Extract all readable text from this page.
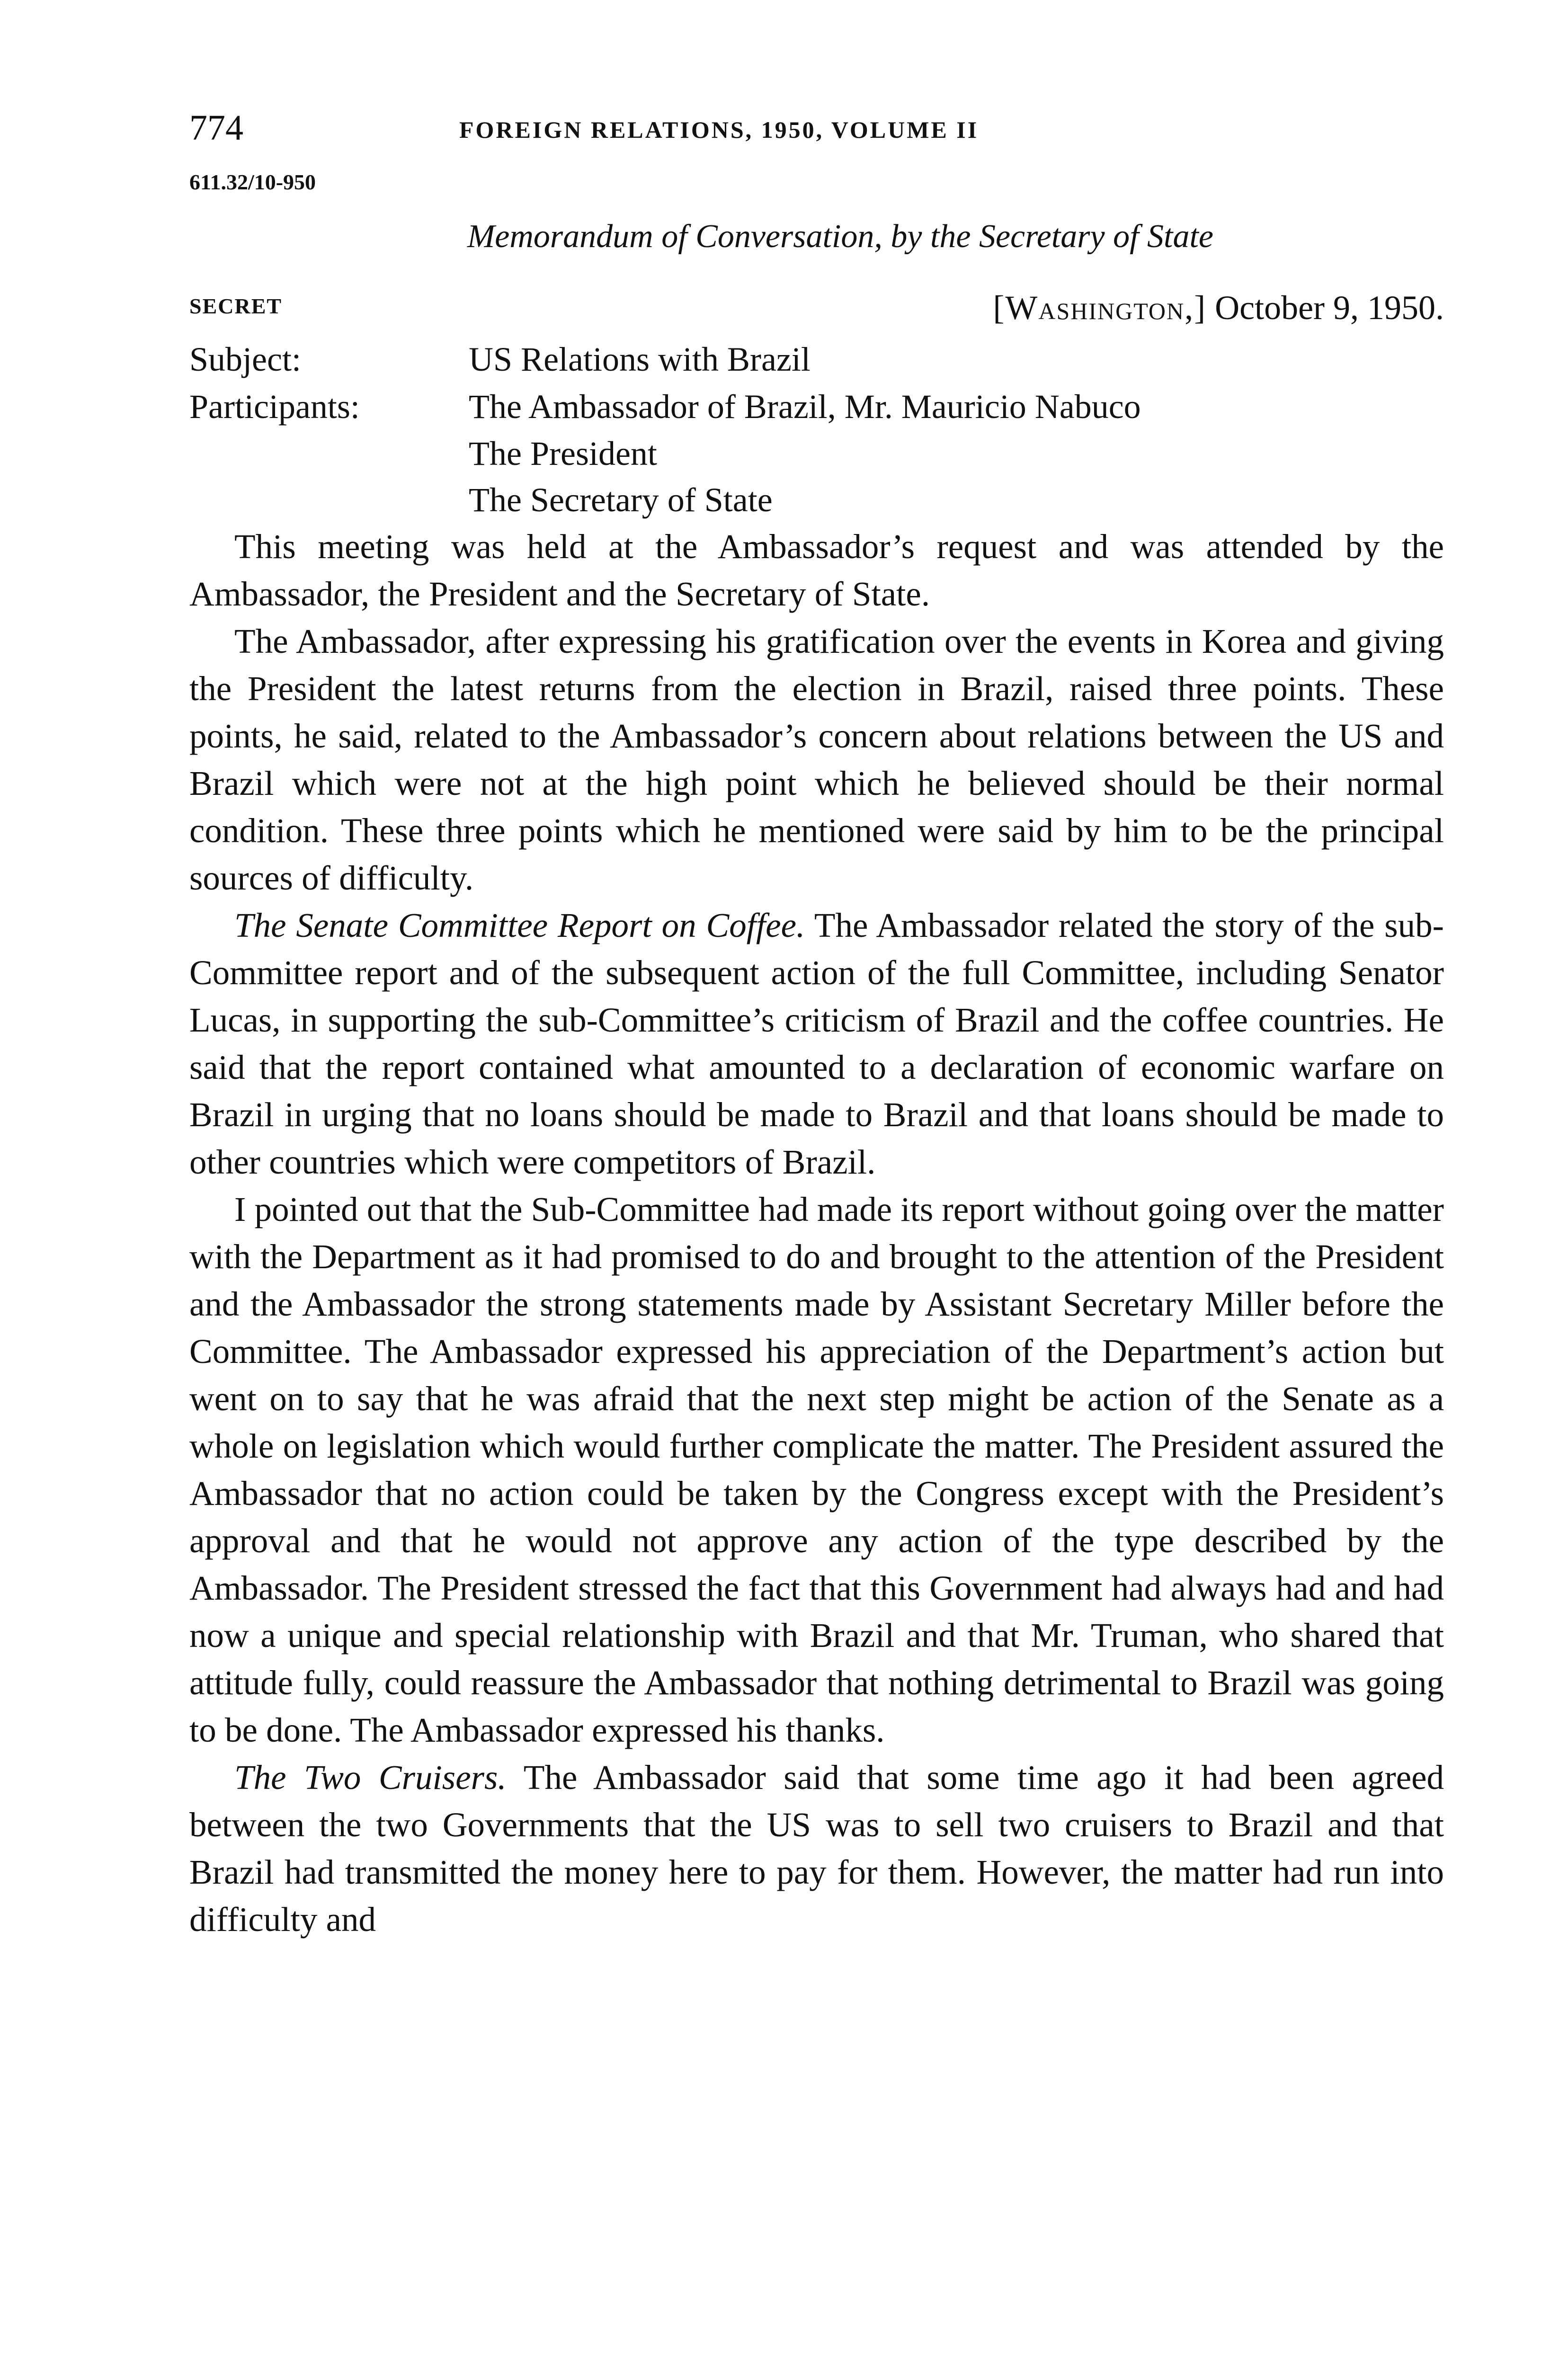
774	FOREIGN RELATIONS, 1950, VOLUME II
611.32/10-950
Memorandum of Conversation, by the Secretary of State
SECRET	[Washington,] October 9, 1950.
Subject:	US Relations with Brazil
Participants:	The Ambassador of Brazil, Mr. Mauricio Nabuco
The President
The Secretary of State

This meeting was held at the Ambassador’s request and was attended by the Ambassador, the President and the Secretary of State.

The Ambassador, after expressing his gratification over the events in Korea and giving the President the latest returns from the election in Brazil, raised three points. These points, he said, related to the Ambassador’s concern about relations between the US and Brazil which were not at the high point which he believed should be their normal condition. These three points which he mentioned were said by him to be the principal sources of difficulty.

The Senate Committee Report on Coffee. The Ambassador related the story of the sub-Committee report and of the subsequent action of the full Committee, including Senator Lucas, in supporting the sub-Committee’s criticism of Brazil and the coffee countries. He said that the report contained what amounted to a declaration of economic warfare on Brazil in urging that no loans should be made to Brazil and that loans should be made to other countries which were competitors of Brazil.

I pointed out that the Sub-Committee had made its report without going over the matter with the Department as it had promised to do and brought to the attention of the President and the Ambassador the strong statements made by Assistant Secretary Miller before the Committee. The Ambassador expressed his appreciation of the Department’s action but went on to say that he was afraid that the next step might be action of the Senate as a whole on legislation which would further complicate the matter. The President assured the Ambassador that no action could be taken by the Congress except with the President’s approval and that he would not approve any action of the type described by the Ambassador. The President stressed the fact that this Government had always had and had now a unique and special relationship with Brazil and that Mr. Truman, who shared that attitude fully, could reassure the Ambassador that nothing detrimental to Brazil was going to be done. The Ambassador expressed his thanks.

The Two Cruisers. The Ambassador said that some time ago it had been agreed between the two Governments that the US was to sell two cruisers to Brazil and that Brazil had transmitted the money here to pay for them. However, the matter had run into difficulty and
